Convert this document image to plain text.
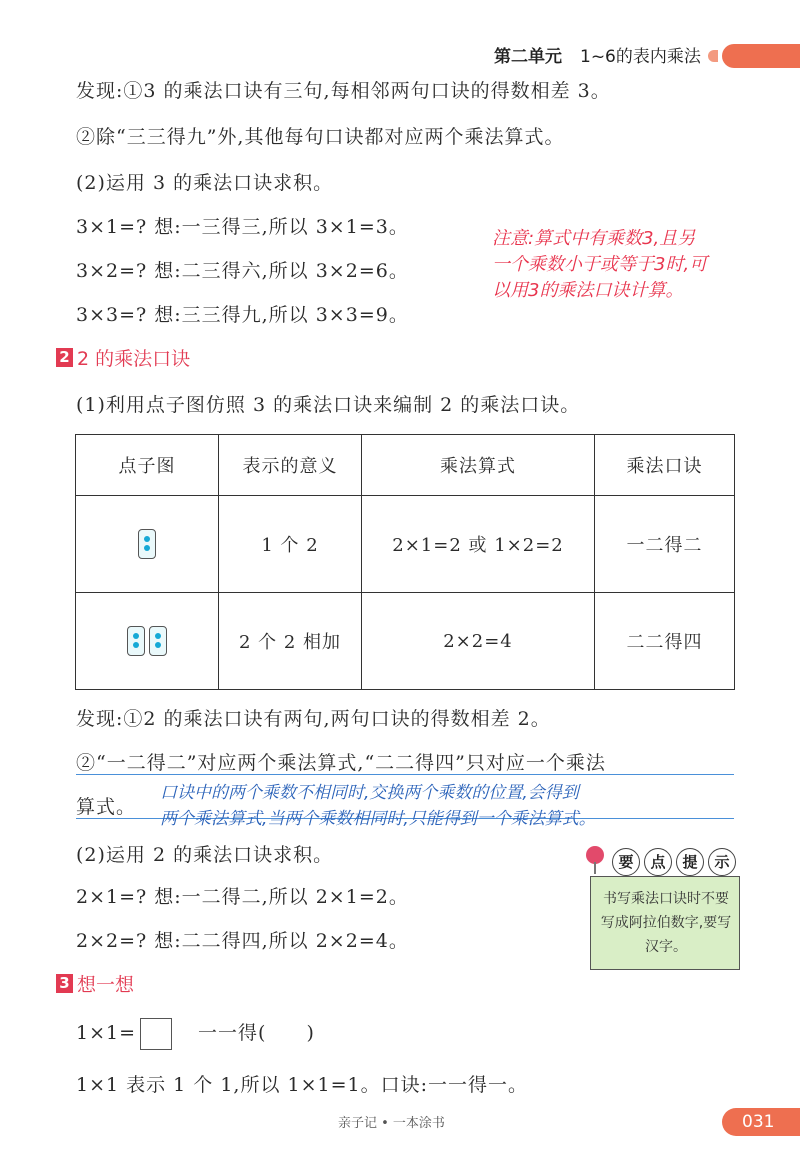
第二单元 1~6的表内乘法
发现:①3 的乘法口诀有三句,每相邻两句口诀的得数相差 3。
②除“三三得九”外,其他每句口诀都对应两个乘法算式。
(2)运用 3 的乘法口诀求积。
3×1=? 想:一三得三,所以 3×1=3。
3×2=? 想:二三得六,所以 3×2=6。
3×3=? 想:三三得九,所以 3×3=9。
注意:算式中有乘数3,且另
一个乘数小于或等于3时,可
以用3的乘法口诀计算。
2 2 的乘法口诀
(1)利用点子图仿照 3 的乘法口诀来编制 2 的乘法口诀。
点子图	表示的意义	乘法算式	乘法口诀

	1 个 2	2×1=2 或 1×2=2	一二得二

	2 个 2 相加	2×2=4	二二得四
发现:①2 的乘法口诀有两句,两句口诀的得数相差 2。
②“一二得二”对应两个乘法算式,“二二得四”只对应一个乘法
算式。
口诀中的两个乘数不相同时,交换两个乘数的位置,会得到
两个乘法算式,当两个乘数相同时,只能得到一个乘法算式。
(2)运用 2 的乘法口诀求积。
2×1=? 想:一二得二,所以 2×1=2。
2×2=? 想:二二得四,所以 2×2=4。
要	点	提	示
书写乘法口诀时不要写成阿拉伯数字,要写汉字。
3 想一想
1×1=	一一得(　　)
1×1 表示 1 个 1,所以 1×1=1。口诀:一一得一。
亲子记 • 一本涂书	031
